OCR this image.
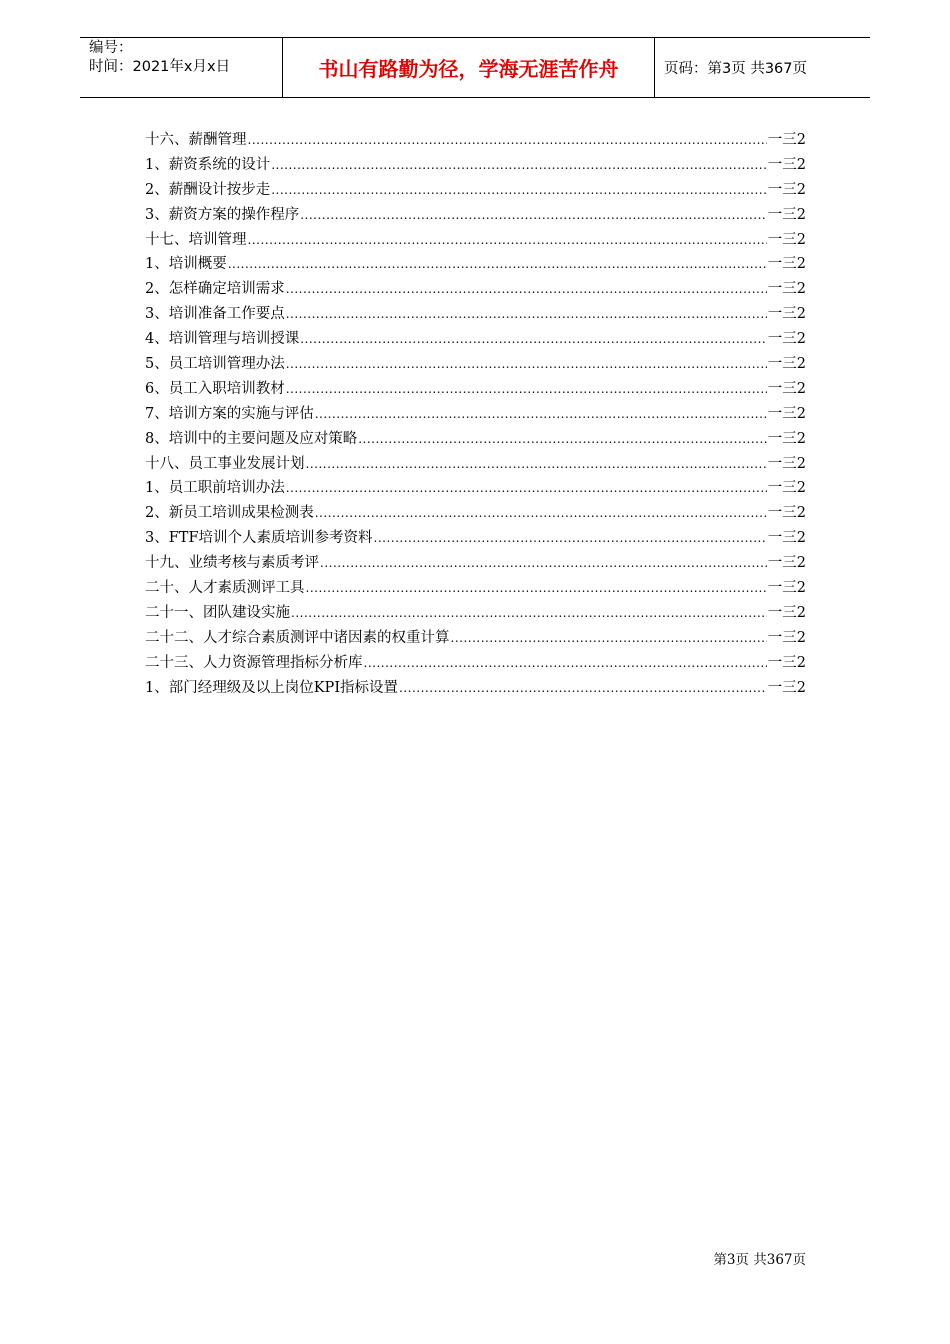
编号：
时间：2021年x月x日	书山有路勤为径，学海无涯苦作舟	页码：第3页 共367页
十六、薪酬管理 .....	一三2
1、薪资系统的设计 .....	一三2
2、薪酬设计按步走 .....	一三2
3、薪资方案的操作程序 .....	一三2
十七、培训管理 .....	一三2
1、培训概要 .....	一三2
2、怎样确定培训需求 .....	一三2
3、培训准备工作要点 .....	一三2
4、培训管理与培训授课 .....	一三2
5、员工培训管理办法 .....	一三2
6、员工入职培训教材 .....	一三2
7、培训方案的实施与评估 .....	一三2
8、培训中的主要问题及应对策略 .....	一三2
十八、员工事业发展计划 .....	一三2
1、员工职前培训办法 .....	一三2
2、新员工培训成果检测表 .....	一三2
3、FTF培训个人素质培训参考资料 .....	一三2
十九、业绩考核与素质考评 .....	一三2
二十、人才素质测评工具 .....	一三2
二十一、团队建设实施 .....	一三2
二十二、人才综合素质测评中诸因素的权重计算 .....	一三2
二十三、人力资源管理指标分析库 .....	一三2
1、部门经理级及以上岗位KPI指标设置 .....	一三2
第3页 共367页
